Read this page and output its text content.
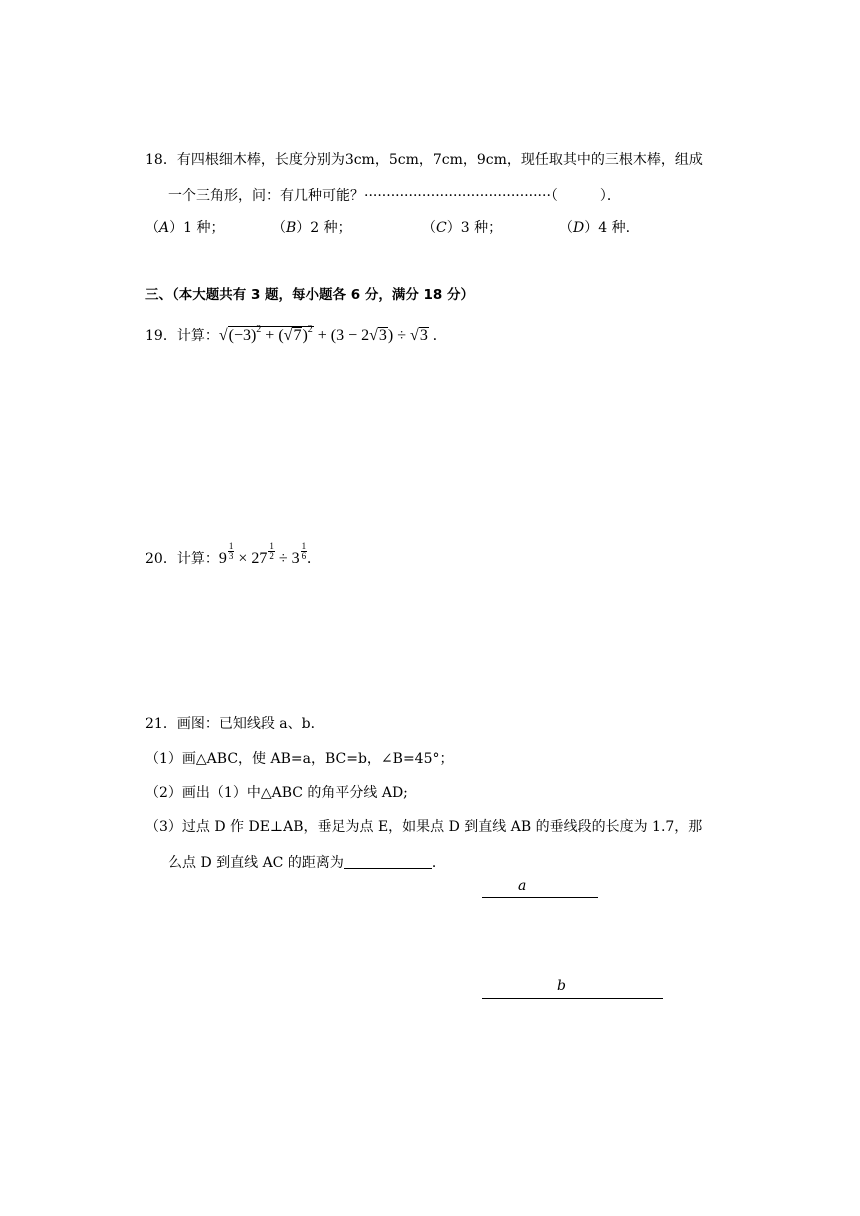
18．有四根细木棒，长度分别为3cm，5cm，7cm，9cm，现任取其中的三根木棒，组成
一个三角形，问：有几种可能？··········································（　　　）．
（A）1 种；	（B）2 种；	（C）3 种；	（D）4 种.
三、（本大题共有 3 题，每小题各 6 分，满分 18 分）
19．计算：$√(-3)^2 + (√7)^2 + (3 - 2√3) \div √3$ .
20．计算：$9 \frac{1}{3} \times 27 \frac{1}{2} \div 3 \frac{1}{6}$ .
21．画图：已知线段 a、b．
（1）画△ABC，使 AB=a，BC=b，∠B=45°；
（2）画出（1）中△ABC 的角平分线 AD;
（3）过点 D 作 DE⊥AB，垂足为点 E，如果点 D 到直线 AB 的垂线段的长度为 1.7，那
么点 D 到直线 AC 的距离为	．
a
b
